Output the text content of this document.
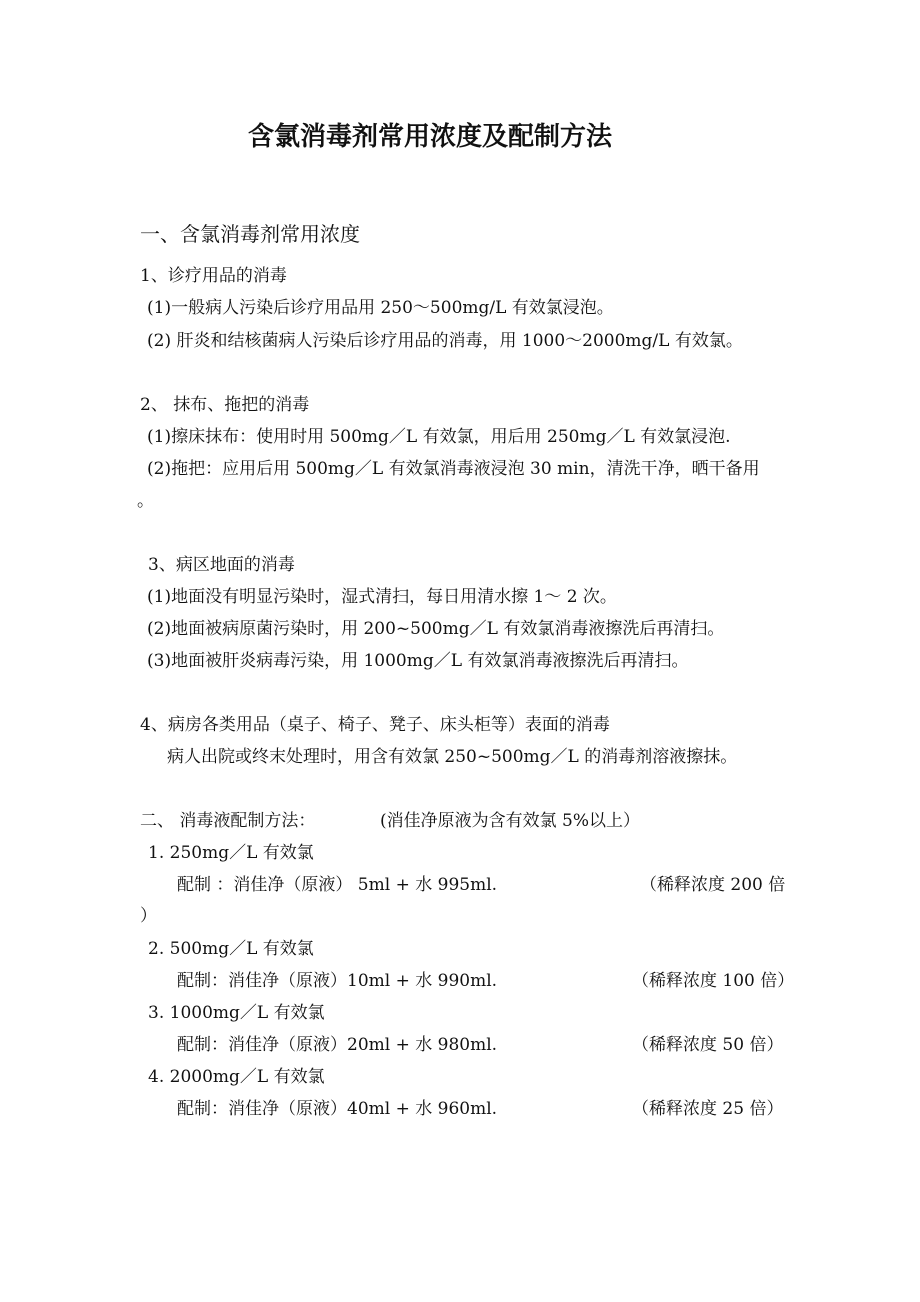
含氯消毒剂常用浓度及配制方法
一、含氯消毒剂常用浓度
1、诊疗用品的消毒
(1)一般病人污染后诊疗用品用 250～500mg/L 有效氯浸泡。
(2) 肝炎和结核菌病人污染后诊疗用品的消毒，用 1000～2000mg/L 有效氯。
2、 抹布、拖把的消毒
(1)擦床抹布：使用时用 500mg／L 有效氯，用后用 250mg／L 有效氯浸泡.
(2)拖把：应用后用 500mg／L 有效氯消毒液浸泡 30 min，清洗干净，晒干备用
。
3、病区地面的消毒
(1)地面没有明显污染时，湿式清扫，每日用清水擦 1～ 2 次。
(2)地面被病原菌污染时，用 200~500mg／L 有效氯消毒液擦洗后再清扫。
(3)地面被肝炎病毒污染，用 1000mg／L 有效氯消毒液擦洗后再清扫。
4、病房各类用品（桌子、椅子、凳子、床头柜等）表面的消毒
病人出院或终末处理时，用含有效氯 250~500mg／L 的消毒剂溶液擦抹。
二、 消毒液配制方法：	(消佳净原液为含有效氯 5%以上）
1. 250mg／L 有效氯
配制 ：消佳净（原液） 5ml + 水 995ml.	（稀释浓度 200 倍
）
2. 500mg／L 有效氯
配制：消佳净（原液）10ml + 水 990ml.	（稀释浓度 100 倍）
3. 1000mg／L 有效氯
配制：消佳净（原液）20ml + 水 980ml.	（稀释浓度 50 倍）
4. 2000mg／L 有效氯
配制：消佳净（原液）40ml + 水 960ml.	（稀释浓度 25 倍）
